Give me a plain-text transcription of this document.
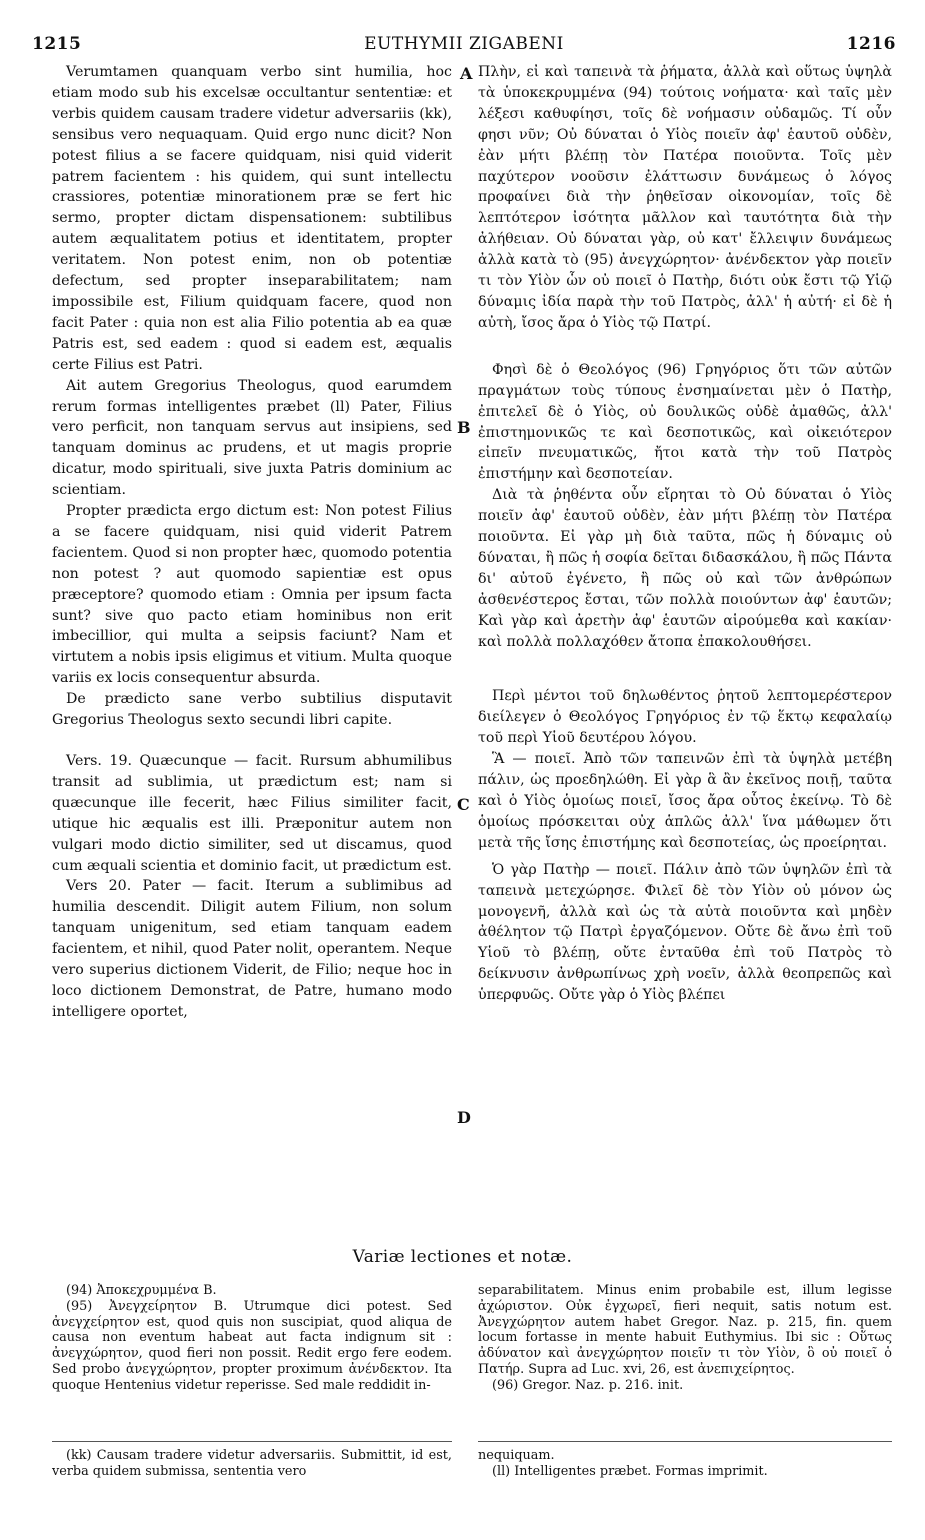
1215	EUTHYMII ZIGABENI	1216
A
B
C
D

Verumtamen quanquam verbo sint humilia, hoc etiam modo sub his excelsæ occultantur sententiæ: et verbis quidem causam tradere videtur adversariis (kk), sensibus vero nequaquam. Quid ergo nunc dicit? Non potest filius a se facere quidquam, nisi quid viderit patrem facientem : his quidem, qui sunt intellectu crassiores, potentiæ minorationem præ se fert hic sermo, propter dictam dispensationem: subtilibus autem æqualitatem potius et identitatem, propter veritatem. Non potest enim, non ob potentiæ defectum, sed propter inseparabilitatem; nam impossibile est, Filium quidquam facere, quod non facit Pater : quia non est alia Filio potentia ab ea quæ Patris est, sed eadem : quod si eadem est, æqualis certe Filius est Patri.

Ait autem Gregorius Theologus, quod earumdem rerum formas intelligentes præbet (ll) Pater, Filius vero perficit, non tanquam servus aut insipiens, sed tanquam dominus ac prudens, et ut magis proprie dicatur, modo spirituali, sive juxta Patris dominium ac scientiam.

Propter prædicta ergo dictum est: Non potest Filius a se facere quidquam, nisi quid viderit Patrem facientem. Quod si non propter hæc, quomodo potentia non potest ? aut quomodo sapientiæ est opus præceptore? quomodo etiam : Omnia per ipsum facta sunt? sive quo pacto etiam hominibus non erit imbecillior, qui multa a seipsis faciunt? Nam et virtutem a nobis ipsis eligimus et vitium. Multa quoque variis ex locis consequentur absurda.

De prædicto sane verbo subtilius disputavit Gregorius Theologus sexto secundi libri capite.

Vers. 19. Quæcunque — facit. Rursum abhumilibus transit ad sublimia, ut prædictum est; nam si quæcunque ille fecerit, hæc Filius similiter facit, utique hic æqualis est illi. Præponitur autem non vulgari modo dictio similiter, sed ut discamus, quod cum æquali scientia et dominio facit, ut prædictum est.

Vers 20. Pater — facit. Iterum a sublimibus ad humilia descendit. Diligit autem Filium, non solum tanquam unigenitum, sed etiam tanquam eadem facientem, et nihil, quod Pater nolit, operantem. Neque vero superius dictionem Viderit, de Filio; neque hoc in loco dictionem Demonstrat, de Patre, humano modo intelligere oportet,

Πλὴν, εἰ καὶ ταπεινὰ τὰ ῥήματα, ἀλλὰ καὶ οὕτως ὑψηλὰ τὰ ὑποκεκρυμμένα (94) τούτοις νοήματα· καὶ ταῖς μὲν λέξεσι καθυφίησι, τοῖς δὲ νοήμασιν οὐδαμῶς. Τί οὖν φησι νῦν; Οὐ δύναται ὁ Υἱὸς ποιεῖν ἀφ' ἑαυτοῦ οὐδὲν, ἐὰν μήτι βλέπῃ τὸν Πατέρα ποιοῦντα. Τοῖς μὲν παχύτερον νοοῦσιν ἐλάττωσιν δυνάμεως ὁ λόγος προφαίνει διὰ τὴν ῥηθεῖσαν οἰκονομίαν, τοῖς δὲ λεπτότερον ἰσότητα μᾶλλον καὶ ταυτότητα διὰ τὴν ἀλήθειαν. Οὐ δύναται γὰρ, οὐ κατ' ἔλλειψιν δυνάμεως ἀλλὰ κατὰ τὸ (95) ἀνεγχώρητον· ἀνένδεκτον γὰρ ποιεῖν τι τὸν Υἱὸν ὧν οὐ ποιεῖ ὁ Πατὴρ, διότι οὐκ ἔστι τῷ Υἱῷ δύναμις ἰδία παρὰ τὴν τοῦ Πατρὸς, ἀλλ' ἡ αὐτή· εἰ δὲ ἡ αὐτὴ, ἴσος ἄρα ὁ Υἱὸς τῷ Πατρί.

Φησὶ δὲ ὁ Θεολόγος (96) Γρηγόριος ὅτι τῶν αὐτῶν πραγμάτων τοὺς τύπους ἐνσημαίνεται μὲν ὁ Πατὴρ, ἐπιτελεῖ δὲ ὁ Υἱὸς, οὐ δουλικῶς οὐδὲ ἀμαθῶς, ἀλλ' ἐπιστημονικῶς τε καὶ δεσποτικῶς, καὶ οἰκειότερον εἰπεῖν πνευματικῶς, ἤτοι κατὰ τὴν τοῦ Πατρὸς ἐπιστήμην καὶ δεσποτείαν.

Διὰ τὰ ῥηθέντα οὖν εἴρηται τὸ Οὐ δύναται ὁ Υἱὸς ποιεῖν ἀφ' ἑαυτοῦ οὐδὲν, ἐὰν μήτι βλέπῃ τὸν Πατέρα ποιοῦντα. Εἰ γὰρ μὴ διὰ ταῦτα, πῶς ἡ δύναμις οὐ δύναται, ἢ πῶς ἡ σοφία δεῖται διδασκάλου, ἢ πῶς Πάντα δι' αὐτοῦ ἐγένετο, ἢ πῶς οὐ καὶ τῶν ἀνθρώπων ἀσθενέστερος ἔσται, τῶν πολλὰ ποιούντων ἀφ' ἑαυτῶν; Καὶ γὰρ καὶ ἀρετὴν ἀφ' ἑαυτῶν αἱρούμεθα καὶ κακίαν· καὶ πολλὰ πολλαχόθεν ἄτοπα ἐπακολουθήσει.

Περὶ μέντοι τοῦ δηλωθέντος ῥητοῦ λεπτομερέστερον διείλεγεν ὁ Θεολόγος Γρηγόριος ἐν τῷ ἕκτῳ κεφαλαίῳ τοῦ περὶ Υἱοῦ δευτέρου λόγου.

Ἃ — ποιεῖ. Ἀπὸ τῶν ταπεινῶν ἐπὶ τὰ ὑψηλὰ μετέβη πάλιν, ὡς προεδηλώθη. Εἰ γὰρ ἃ ἂν ἐκεῖνος ποιῇ, ταῦτα καὶ ὁ Υἱὸς ὁμοίως ποιεῖ, ἴσος ἄρα οὗτος ἐκείνῳ. Τὸ δὲ ὁμοίως πρόσκειται οὐχ ἁπλῶς ἀλλ' ἵνα μάθωμεν ὅτι μετὰ τῆς ἴσης ἐπιστήμης καὶ δεσποτείας, ὡς προείρηται.

Ὁ γὰρ Πατὴρ — ποιεῖ. Πάλιν ἀπὸ τῶν ὑψηλῶν ἐπὶ τὰ ταπεινὰ μετεχώρησε. Φιλεῖ δὲ τὸν Υἱὸν οὐ μόνον ὡς μονογενῆ, ἀλλὰ καὶ ὡς τὰ αὐτὰ ποιοῦντα καὶ μηδὲν ἀθέλητον τῷ Πατρὶ ἐργαζόμενον. Οὔτε δὲ ἄνω ἐπὶ τοῦ Υἱοῦ τὸ βλέπῃ, οὔτε ἐνταῦθα ἐπὶ τοῦ Πατρὸς τὸ δείκνυσιν ἀνθρωπίνως χρὴ νοεῖν, ἀλλὰ θεοπρεπῶς καὶ ὑπερφυῶς. Οὔτε γὰρ ὁ Υἱὸς βλέπει

Variæ lectiones et notæ.

(94) Ἀποκεχρυμμένα B.

(95) Ἀνεγχείρητον B. Utrumque dici potest. Sed ἀνεγχείρητον est, quod quis non suscipiat, quod aliqua de causa non eventum habeat aut facta indignum sit : ἀνεγχώρητον, quod fieri non possit. Redit ergo fere eodem. Sed probo ἀνεγχώρητον, propter proximum ἀνένδεκτον. Ita quoque Hentenius videtur reperisse. Sed male reddidit in-

separabilitatem. Minus enim probabile est, illum legisse ἀχώριστον. Οὐκ ἐγχωρεῖ, fieri nequit, satis notum est. Ἀνεγχώρητον autem habet Gregor. Naz. p. 215, fin. quem locum fortasse in mente habuit Euthymius. Ibi sic : Οὕτως ἀδύνατον καὶ ἀνεγχώρητον ποιεῖν τι τὸν Υἱὸν, ὃ οὐ ποιεῖ ὁ Πατήρ. Supra ad Luc. xvi, 26, est ἀνεπιχείρητος.

(96) Gregor. Naz. p. 216. init.

(kk) Causam tradere videtur adversariis. Submittit, id est, verba quidem submissa, sententia vero

nequiquam.

(ll) Intelligentes præbet. Formas imprimit.
